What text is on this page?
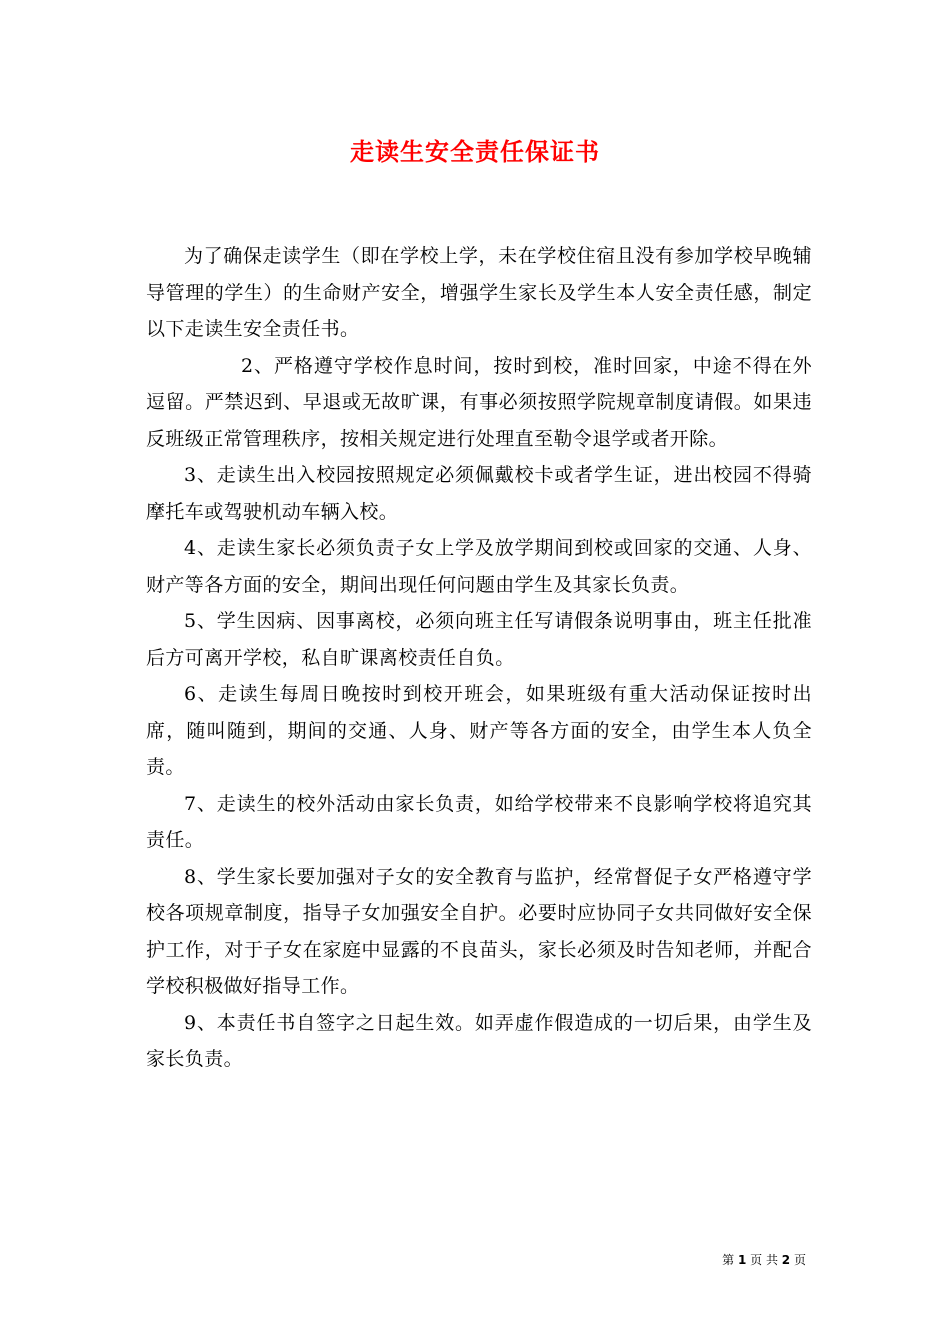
走读生安全责任保证书

为了确保走读学生（即在学校上学，未在学校住宿且没有参加学校早晚辅导管理的学生）的生命财产安全，增强学生家长及学生本人安全责任感，制定以下走读生安全责任书。

2、严格遵守学校作息时间，按时到校，准时回家，中途不得在外逗留。严禁迟到、早退或无故旷课，有事必须按照学院规章制度请假。如果违反班级正常管理秩序，按相关规定进行处理直至勒令退学或者开除。

3、走读生出入校园按照规定必须佩戴校卡或者学生证，进出校园不得骑摩托车或驾驶机动车辆入校。

4、走读生家长必须负责子女上学及放学期间到校或回家的交通、人身、财产等各方面的安全，期间出现任何问题由学生及其家长负责。

5、学生因病、因事离校，必须向班主任写请假条说明事由，班主任批准后方可离开学校，私自旷课离校责任自负。

6、走读生每周日晚按时到校开班会，如果班级有重大活动保证按时出席，随叫随到，期间的交通、人身、财产等各方面的安全，由学生本人负全责。

7、走读生的校外活动由家长负责，如给学校带来不良影响学校将追究其责任。

8、学生家长要加强对子女的安全教育与监护，经常督促子女严格遵守学校各项规章制度，指导子女加强安全自护。必要时应协同子女共同做好安全保护工作，对于子女在家庭中显露的不良苗头，家长必须及时告知老师，并配合学校积极做好指导工作。

9、本责任书自签字之日起生效。如弄虚作假造成的一切后果，由学生及家长负责。

第 1 页 共 2 页
